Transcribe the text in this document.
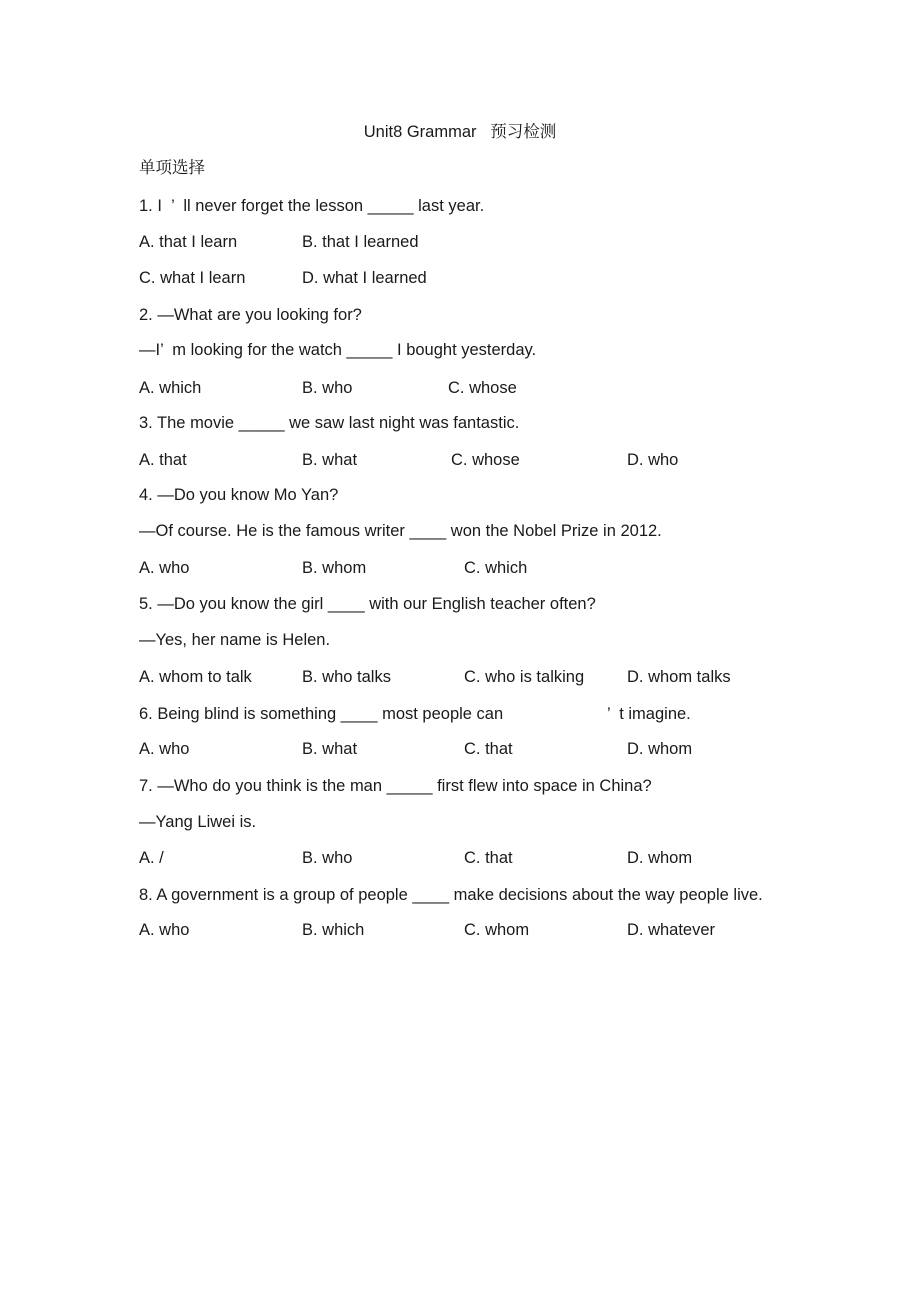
Unit8 Grammar   预习检测
单项选择
1. I  ’  ll never forget the lesson _____ last year.
A. that I learn	B. that I learned
C. what I learn	D. what I learned
2. —What are you looking for?
—I’  m looking for the watch _____ I bought yesterday.
A. which	B. who	C. whose
3. The movie _____ we saw last night was fantastic.
A. that	B. what	C. whose	D. who
4. —Do you know Mo Yan?
—Of course. He is the famous writer ____ won the Nobel Prize in 2012.
A. who	B. whom	C. which
5. —Do you know the girl ____ with our English teacher often?
—Yes, her name is Helen.
A. whom to talk	B. who talks	C. who is talking	D. whom talks
6. Being blind is something ____ most people can	’  t imagine.
A. who	B. what	C. that	D. whom
7. —Who do you think is the man _____ first flew into space in China?
—Yang Liwei is.
A. /	B. who	C. that	D. whom
8. A government is a group of people ____ make decisions about the way people live.
A. who	B. which	C. whom	D. whatever
